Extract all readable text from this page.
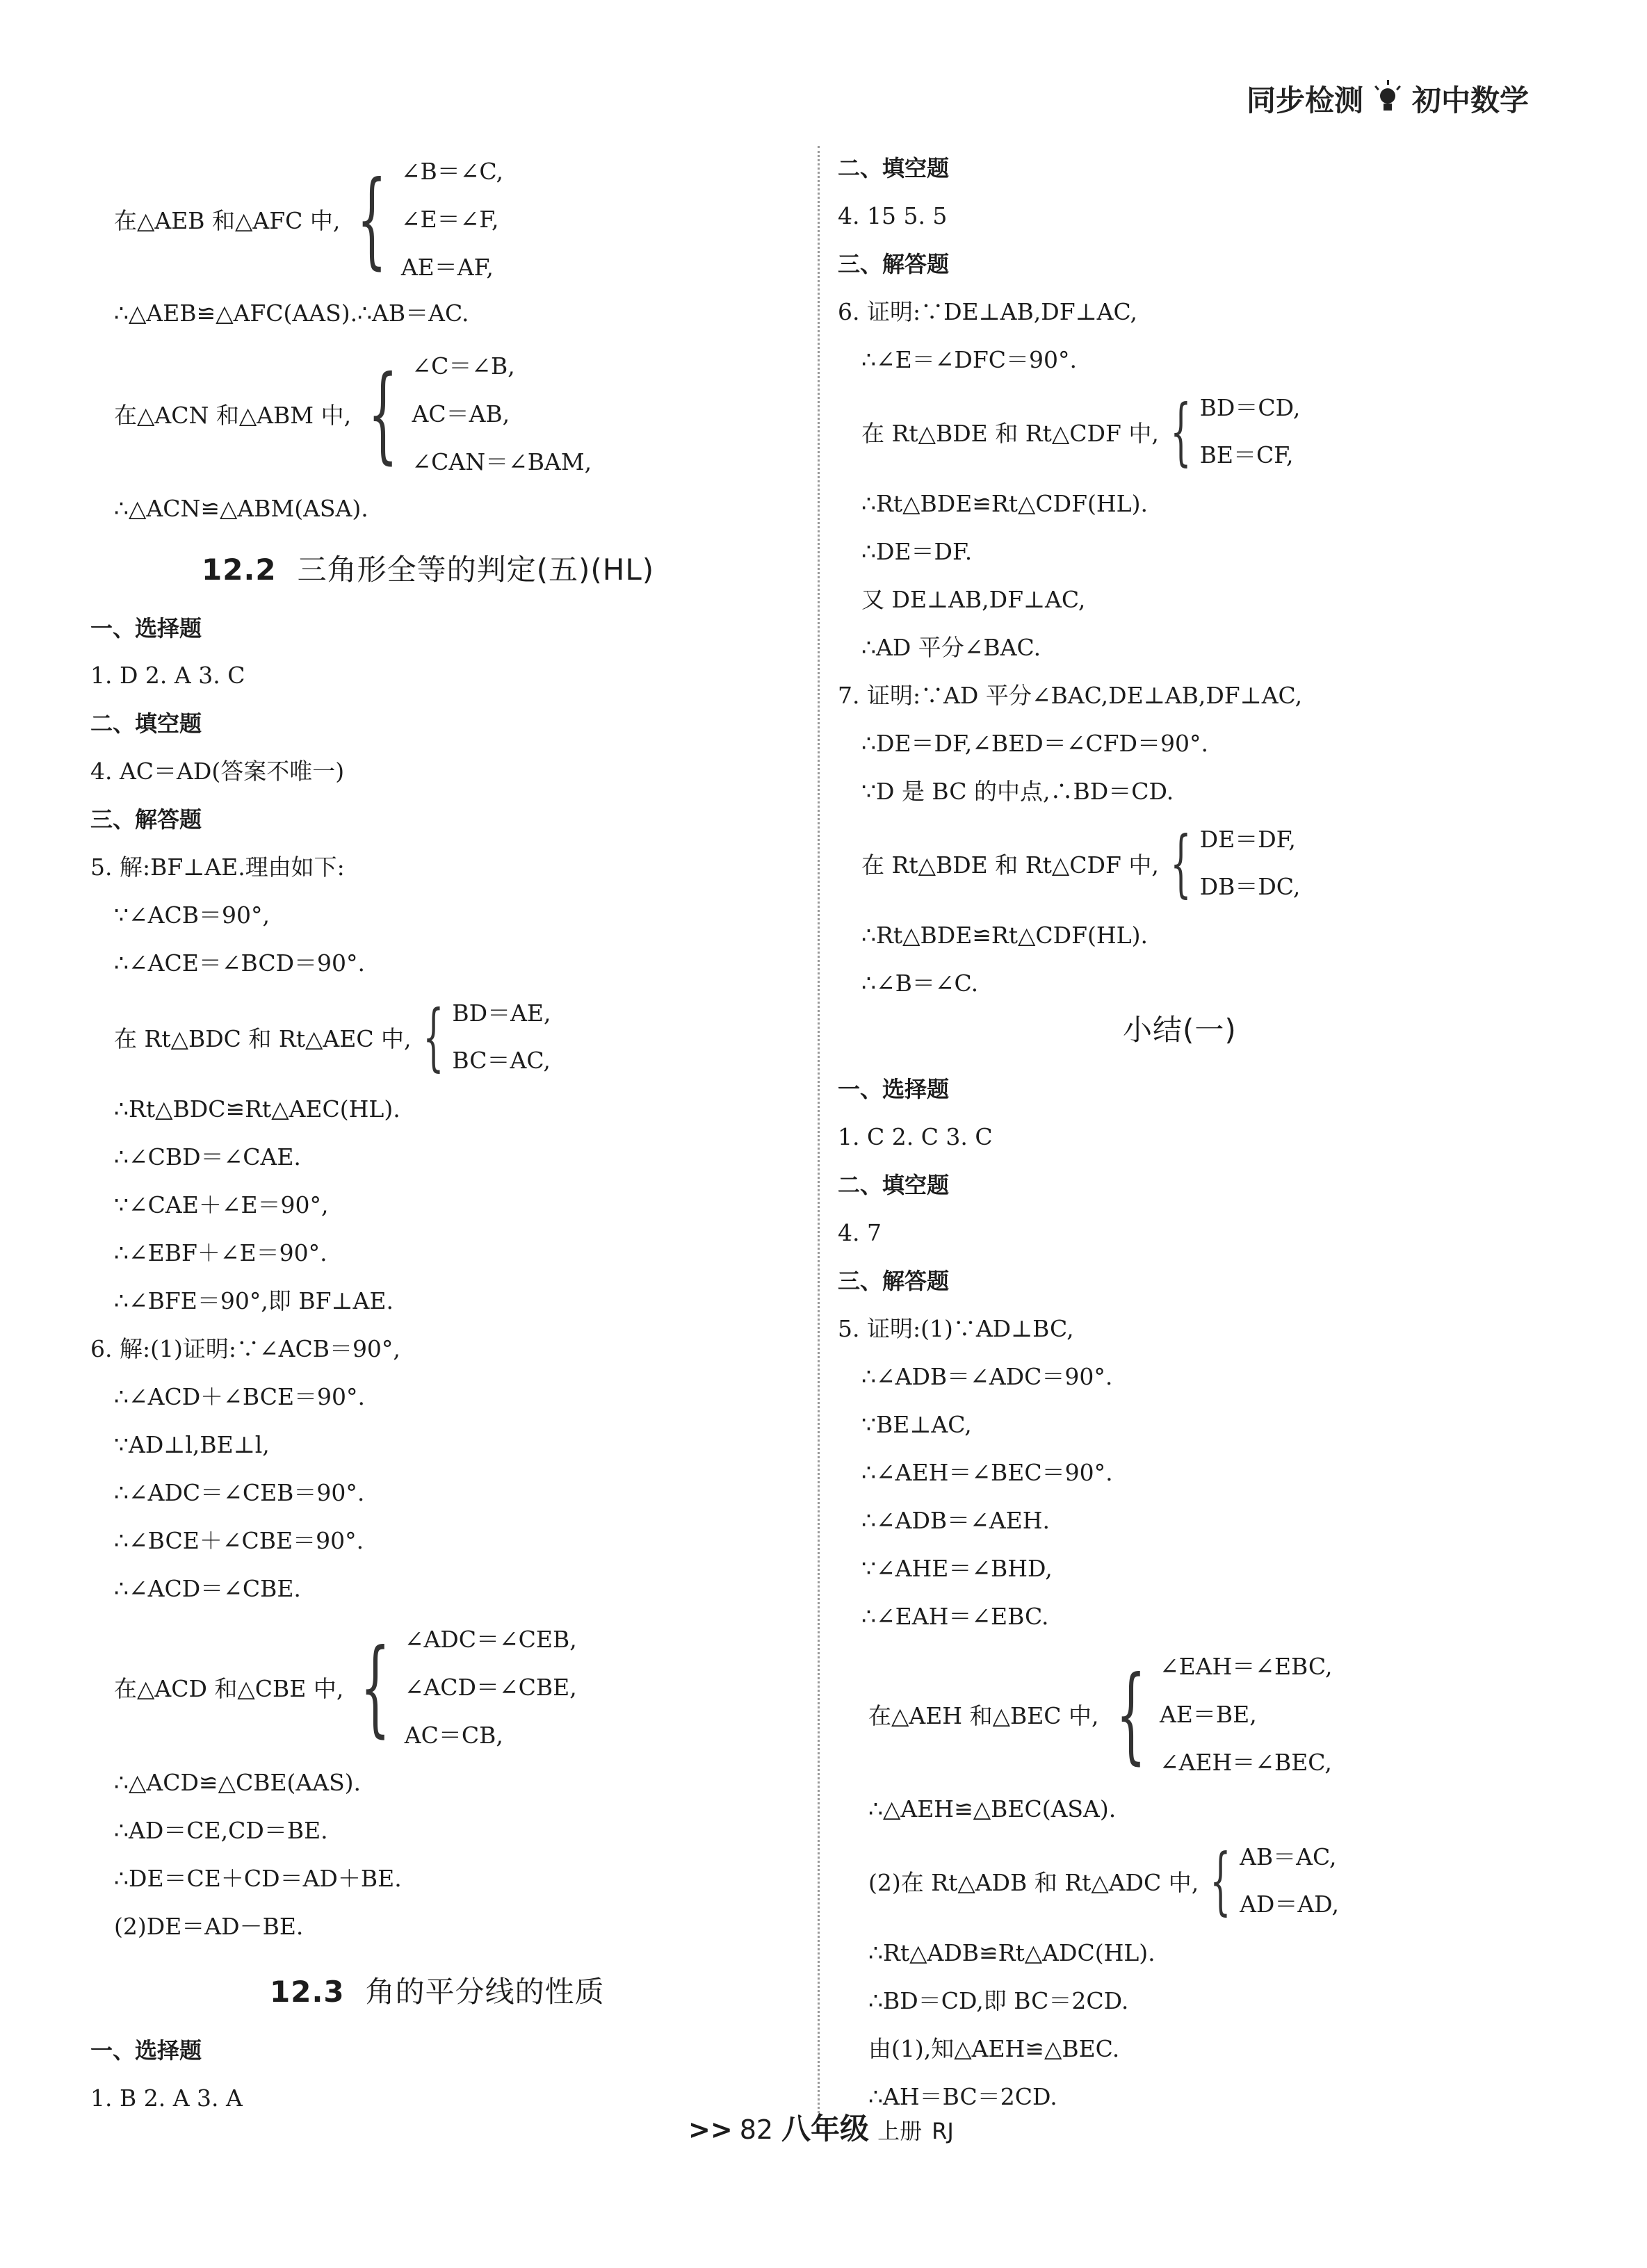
同步检测 初中数学
在△AEB 和△AFC 中, { ∠B＝∠C,
∠E＝∠F,
AE＝AF,
∴△AEB≌△AFC(AAS).∴AB＝AC.
在△ACN 和△ABM 中, { ∠C＝∠B,
AC＝AB,
∠CAN＝∠BAM,
∴△ACN≌△ABM(ASA).
12.2 三角形全等的判定(五)(HL)
一、选择题
1. D 2. A 3. C
二、填空题
4. AC＝AD(答案不唯一)
三、解答题
5. 解:BF⊥AE.理由如下:
∵∠ACB＝90°,
∴∠ACE＝∠BCD＝90°.
在 Rt△BDC 和 Rt△AEC 中, { BD＝AE,
BC＝AC,
∴Rt△BDC≌Rt△AEC(HL).
∴∠CBD＝∠CAE.
∵∠CAE＋∠E＝90°,
∴∠EBF＋∠E＝90°.
∴∠BFE＝90°,即 BF⊥AE.
6. 解:(1)证明:∵∠ACB＝90°,
∴∠ACD＋∠BCE＝90°.
∵AD⊥l,BE⊥l,
∴∠ADC＝∠CEB＝90°.
∴∠BCE＋∠CBE＝90°.
∴∠ACD＝∠CBE.
在△ACD 和△CBE 中, { ∠ADC＝∠CEB,
∠ACD＝∠CBE,
AC＝CB,
∴△ACD≌△CBE(AAS).
∴AD＝CE,CD＝BE.
∴DE＝CE＋CD＝AD＋BE.
(2)DE＝AD－BE.
12.3 角的平分线的性质
一、选择题
1. B 2. A 3. A
二、填空题
4. 15 5. 5
三、解答题
6. 证明:∵DE⊥AB,DF⊥AC,
∴∠E＝∠DFC＝90°.
在 Rt△BDE 和 Rt△CDF 中, { BD＝CD,
BE＝CF,
∴Rt△BDE≌Rt△CDF(HL).
∴DE＝DF.
又 DE⊥AB,DF⊥AC,
∴AD 平分∠BAC.
7. 证明:∵AD 平分∠BAC,DE⊥AB,DF⊥AC,
∴DE＝DF,∠BED＝∠CFD＝90°.
∵D 是 BC 的中点,∴BD＝CD.
在 Rt△BDE 和 Rt△CDF 中, { DE＝DF,
DB＝DC,
∴Rt△BDE≌Rt△CDF(HL).
∴∠B＝∠C.
小结(一)
一、选择题
1. C 2. C 3. C
二、填空题
4. 7
三、解答题
5. 证明:(1)∵AD⊥BC,
∴∠ADB＝∠ADC＝90°.
∵BE⊥AC,
∴∠AEH＝∠BEC＝90°.
∴∠ADB＝∠AEH.
∵∠AHE＝∠BHD,
∴∠EAH＝∠EBC.
在△AEH 和△BEC 中, { ∠EAH＝∠EBC,
AE＝BE,
∠AEH＝∠BEC,
∴△AEH≌△BEC(ASA).
(2)在 Rt△ADB 和 Rt△ADC 中, { AB＝AC,
AD＝AD,
∴Rt△ADB≌Rt△ADC(HL).
∴BD＝CD,即 BC＝2CD.
由(1),知△AEH≌△BEC.
∴AH＝BC＝2CD.
>> 82 八年级 上册 RJ
